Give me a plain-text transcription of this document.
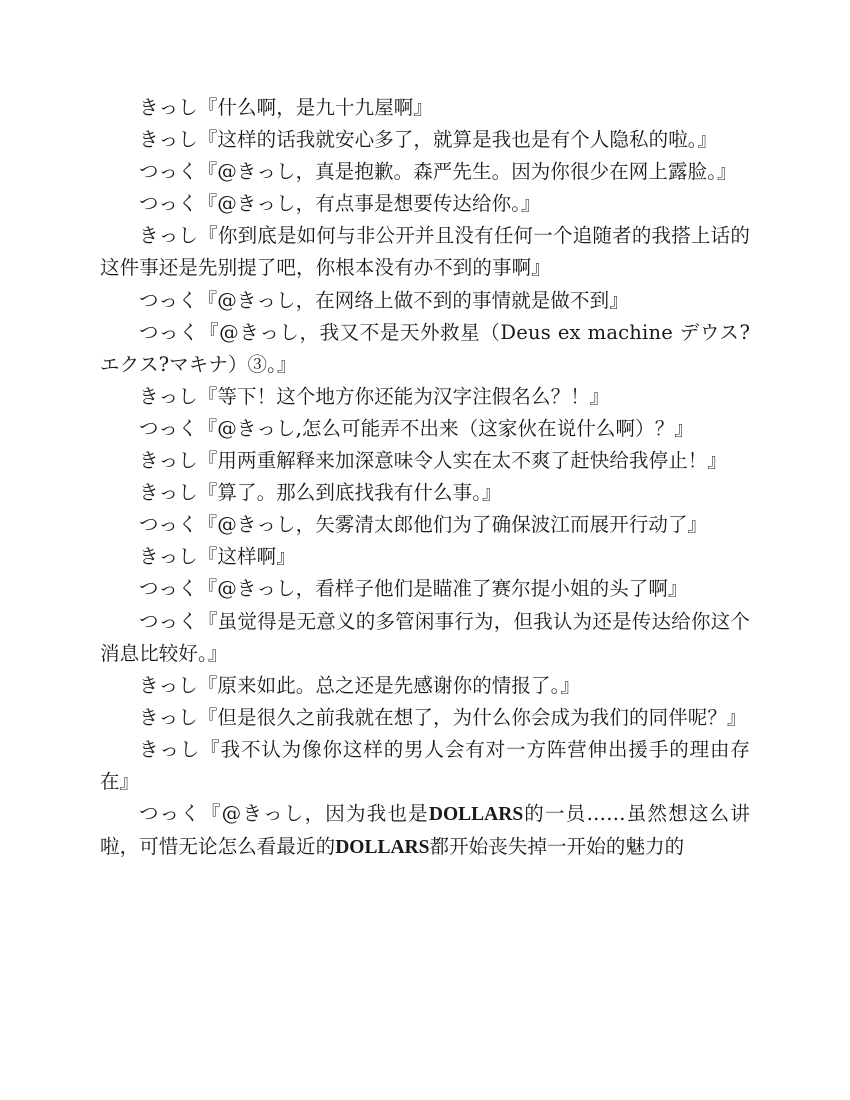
きっし『什么啊，是九十九屋啊』

きっし『这样的话我就安心多了，就算是我也是有个人隐私的啦。』

つっく『@きっし，真是抱歉。森严先生。因为你很少在网上露脸。』

つっく『@きっし，有点事是想要传达给你。』

きっし『你到底是如何与非公开并且没有任何一个追随者的我搭上话的这件事还是先别提了吧，你根本没有办不到的事啊』

つっく『@きっし，在网络上做不到的事情就是做不到』

つっく『@きっし，我又不是天外救星（Deus ex machine デウス?エクス?マキナ）③。』

きっし『等下！这个地方你还能为汉字注假名么？！』

つっく『@きっし,怎么可能弄不出来（这家伙在说什么啊）？』

きっし『用两重解释来加深意味令人实在太不爽了赶快给我停止！』

きっし『算了。那么到底找我有什么事。』

つっく『@きっし，矢雾清太郎他们为了确保波江而展开行动了』

きっし『这样啊』

つっく『@きっし，看样子他们是瞄准了赛尔提小姐的头了啊』

つっく『虽觉得是无意义的多管闲事行为，但我认为还是传达给你这个消息比较好。』

きっし『原来如此。总之还是先感谢你的情报了。』

きっし『但是很久之前我就在想了，为什么你会成为我们的同伴呢？』

きっし『我不认为像你这样的男人会有对一方阵营伸出援手的理由存在』

つっく『@きっし，因为我也是DOLLARS的一员……虽然想这么讲啦，可惜无论怎么看最近的DOLLARS都开始丧失掉一开始的魅力的
